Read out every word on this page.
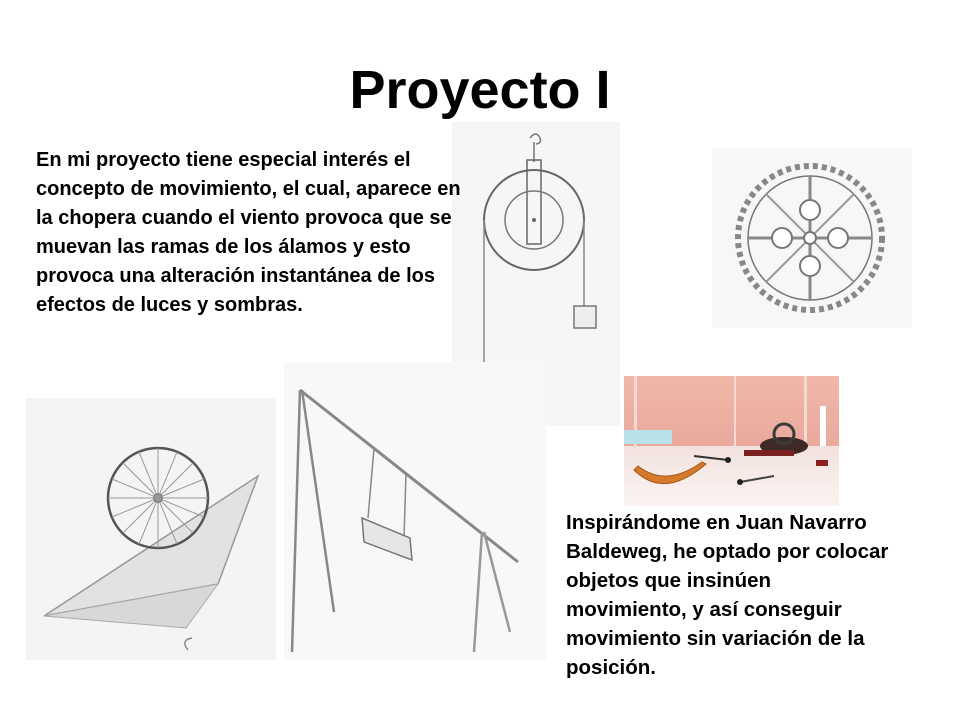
Proyecto I

En mi proyecto tiene especial interés el concepto de movimiento, el cual, aparece en la chopera cuando el viento provoca que se muevan las ramas de los álamos y esto provoca una alteración instantánea de los efectos de luces y sombras.

Inspirándome en Juan Navarro Baldeweg, he optado por colocar objetos que insinúen movimiento, y así conseguir movimiento sin variación de la posición.
